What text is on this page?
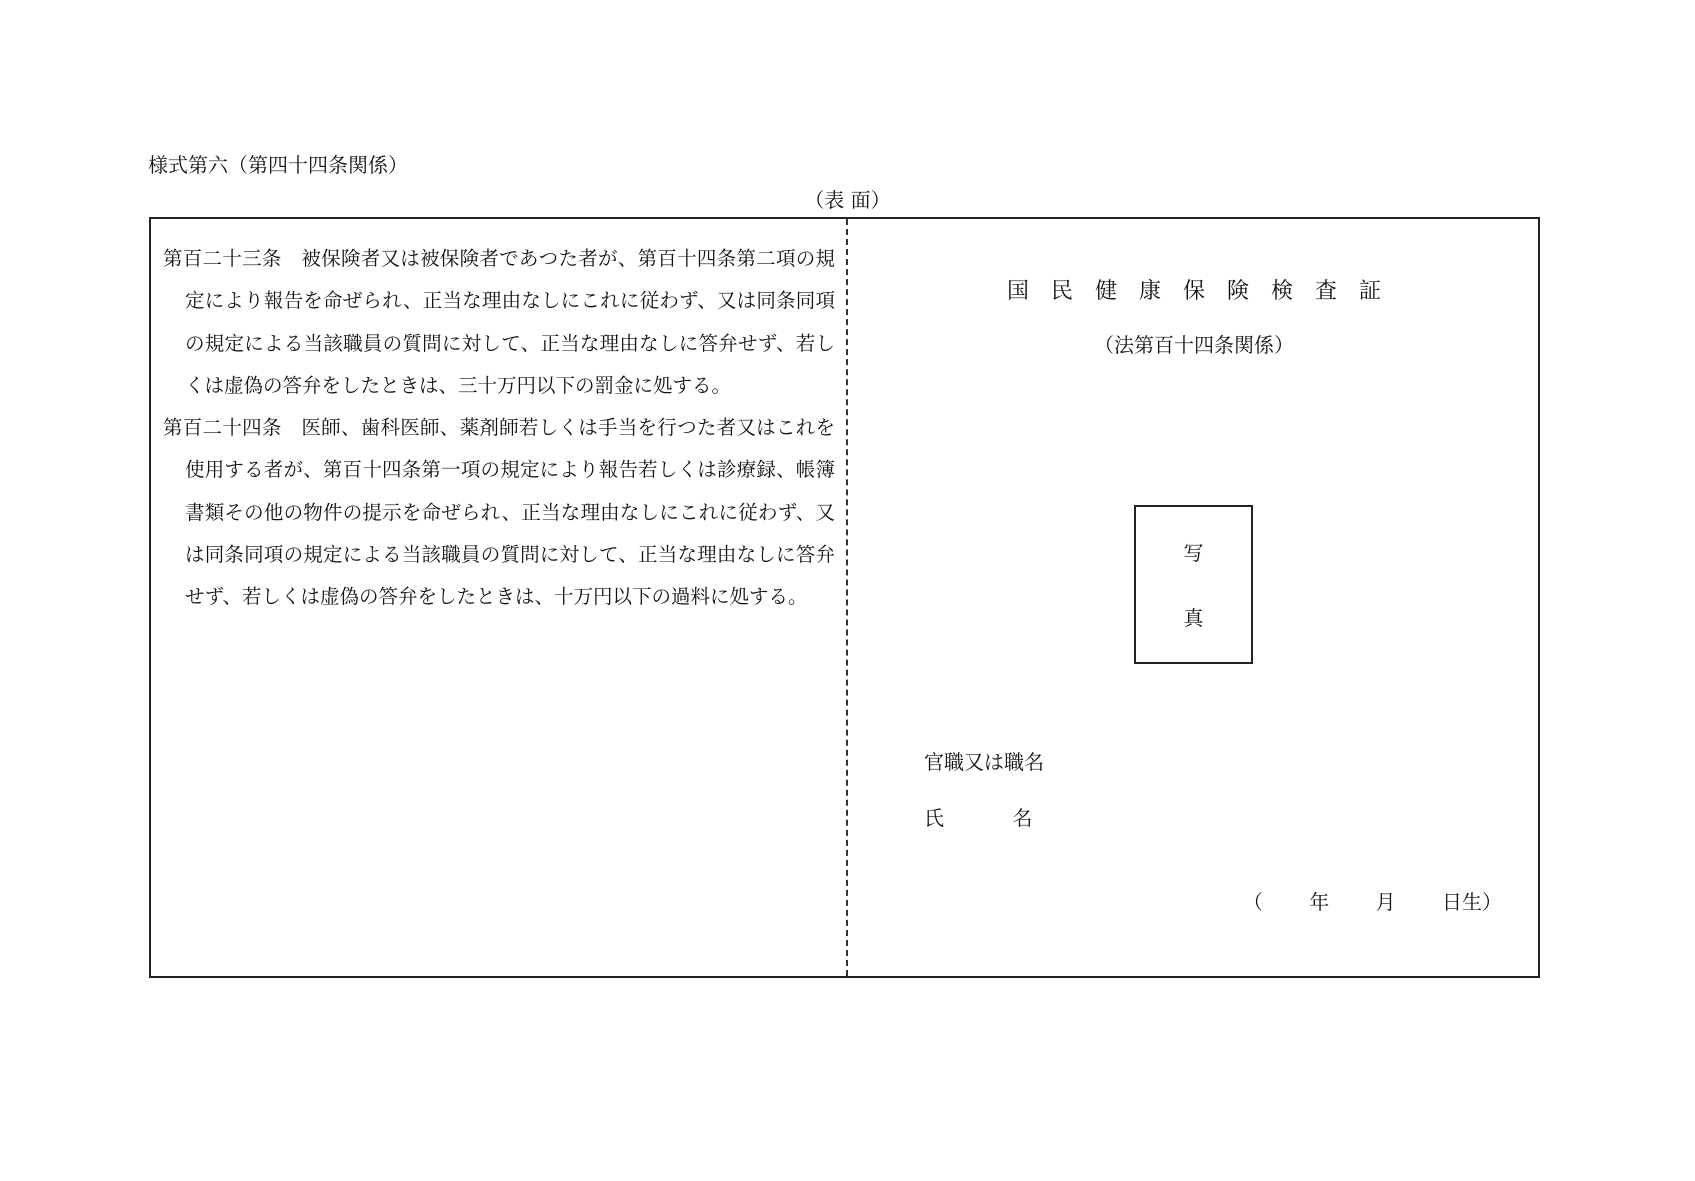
様式第六（第四十四条関係）
（表 面）

第百二十三条　被保険者又は被保険者であつた者が、第百十四条第二項の規定により報告を命ぜられ、正当な理由なしにこれに従わず、又は同条同項の規定による当該職員の質問に対して、正当な理由なしに答弁せず、若しくは虚偽の答弁をしたときは、三十万円以下の罰金に処する。

第百二十四条　医師、歯科医師、薬剤師若しくは手当を行つた者又はこれを使用する者が、第百十四条第一項の規定により報告若しくは診療録、帳簿書類その他の物件の提示を命ぜられ、正当な理由なしにこれに従わず、又は同条同項の規定による当該職員の質問に対して、正当な理由なしに答弁せず、若しくは虚偽の答弁をしたときは、十万円以下の過料に処する。

国民健康保険検査証
（法第百十四条関係）
写
真
官職又は職名
氏 名
（ 年 月 日生）
